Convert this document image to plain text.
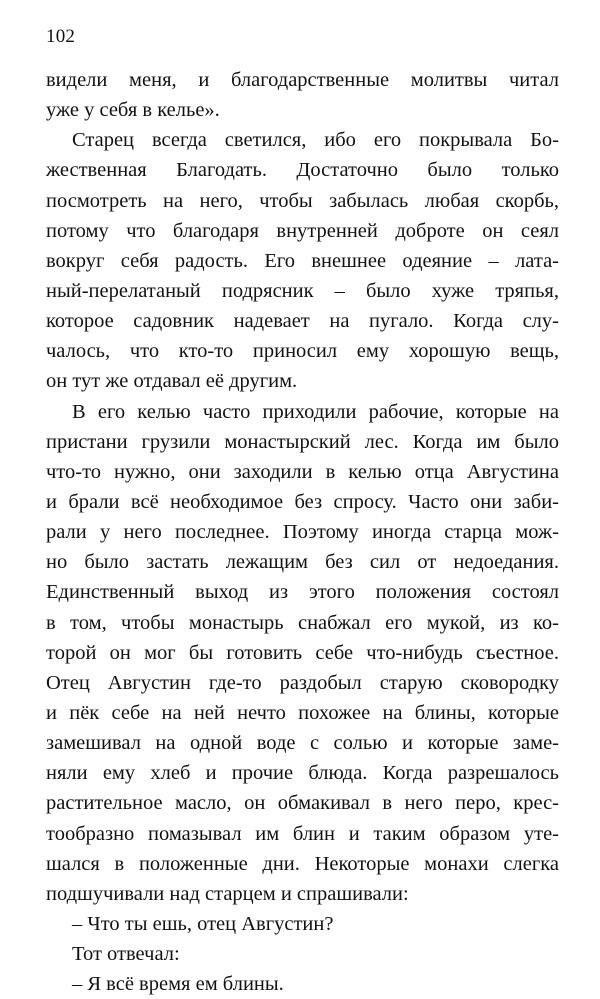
102
видели меня, и благодарственные молитвы читал
уже у себя в келье».
Старец всегда светился, ибо его покрывала Бо-
жественная Благодать. Достаточно было только
посмотреть на него, чтобы забылась любая скорбь,
потому что благодаря внутренней доброте он сеял
вокруг себя радость. Его внешнее одеяние – лата-
ный-перелатаный подрясник – было хуже тряпья,
которое садовник надевает на пугало. Когда слу-
чалось, что кто-то приносил ему хорошую вещь,
он тут же отдавал её другим.
В его келью часто приходили рабочие, которые на
пристани грузили монастырский лес. Когда им было
что-то нужно, они заходили в келью отца Августина
и брали всё необходимое без спросу. Часто они заби-
рали у него последнее. Поэтому иногда старца мож-
но было застать лежащим без сил от недоедания.
Единственный выход из этого положения состоял
в том, чтобы монастырь снабжал его мукой, из ко-
торой он мог бы готовить себе что-нибудь съестное.
Отец Августин где-то раздобыл старую сковородку
и пёк себе на ней нечто похожее на блины, которые
замешивал на одной воде с солью и которые заме-
няли ему хлеб и прочие блюда. Когда разрешалось
растительное масло, он обмакивал в него перо, крес-
тообразно помазывал им блин и таким образом уте-
шался в положенные дни. Некоторые монахи слегка
подшучивали над старцем и спрашивали:
– Что ты ешь, отец Августин?
Тот отвечал:
– Я всё время ем блины.
